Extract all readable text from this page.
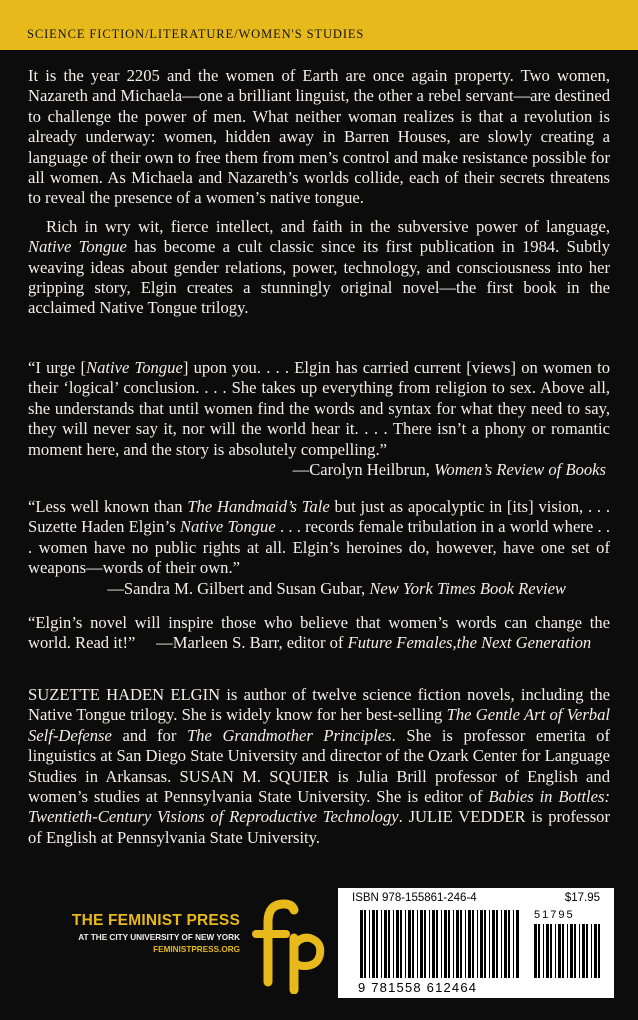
SCIENCE FICTION/LITERATURE/WOMEN'S STUDIES

It is the year 2205 and the women of Earth are once again property. Two women, Nazareth and Michaela—one a brilliant linguist, the other a rebel servant—are destined to challenge the power of men. What neither woman realizes is that a revolution is already underway: women, hidden away in Barren Houses, are slowly creating a language of their own to free them from men’s control and make resistance possible for all women. As Michaela and Nazareth’s worlds collide, each of their secrets threatens to reveal the presence of a women’s native tongue.

Rich in wry wit, fierce intellect, and faith in the subversive power of language, Native Tongue has become a cult classic since its first publication in 1984. Subtly weaving ideas about gender relations, power, technology, and consciousness into her gripping story, Elgin creates a stunningly original novel—the first book in the acclaimed Native Tongue trilogy.

“I urge [Native Tongue] upon you. . . . Elgin has carried current [views] on women to their ‘logical’ conclusion. . . . She takes up everything from religion to sex. Above all, she understands that until women find the words and syntax for what they need to say, they will never say it, nor will the world hear it. . . . There isn’t a phony or romantic moment here, and the story is absolutely compelling.”

—Carolyn Heilbrun, Women’s Review of Books

“Less well known than The Handmaid’s Tale but just as apocalyptic in [its] vision, . . . Suzette Haden Elgin’s Native Tongue . . . records female tribulation in a world where . . . women have no public rights at all. Elgin’s heroines do, however, have one set of weapons—words of their own.”

—Sandra M. Gilbert and Susan Gubar, New York Times Book Review

“Elgin’s novel will inspire those who believe that women’s words can change the world. Read it!”  —Marleen S. Barr, editor of Future Females,the Next Generation

SUZETTE HADEN ELGIN is author of twelve science fiction novels, including the Native Tongue trilogy. She is widely know for her best-selling The Gentle Art of Verbal Self-Defense and for The Grandmother Principles. She is professor emerita of linguistics at San Diego State University and director of the Ozark Center for Language Studies in Arkansas. SUSAN M. SQUIER is Julia Brill professor of English and women’s studies at Pennsylvania State University. She is editor of Babies in Bottles: Twentieth-Century Visions of Reproductive Technology. JULIE VEDDER is professor of English at Pennsylvania State University.

THE FEMINIST PRESS
AT THE CITY UNIVERSITY OF NEW YORK
FEMINISTPRESS.ORG
ISBN 978-155861-246-4	$17.95
51795
9 781558 612464
